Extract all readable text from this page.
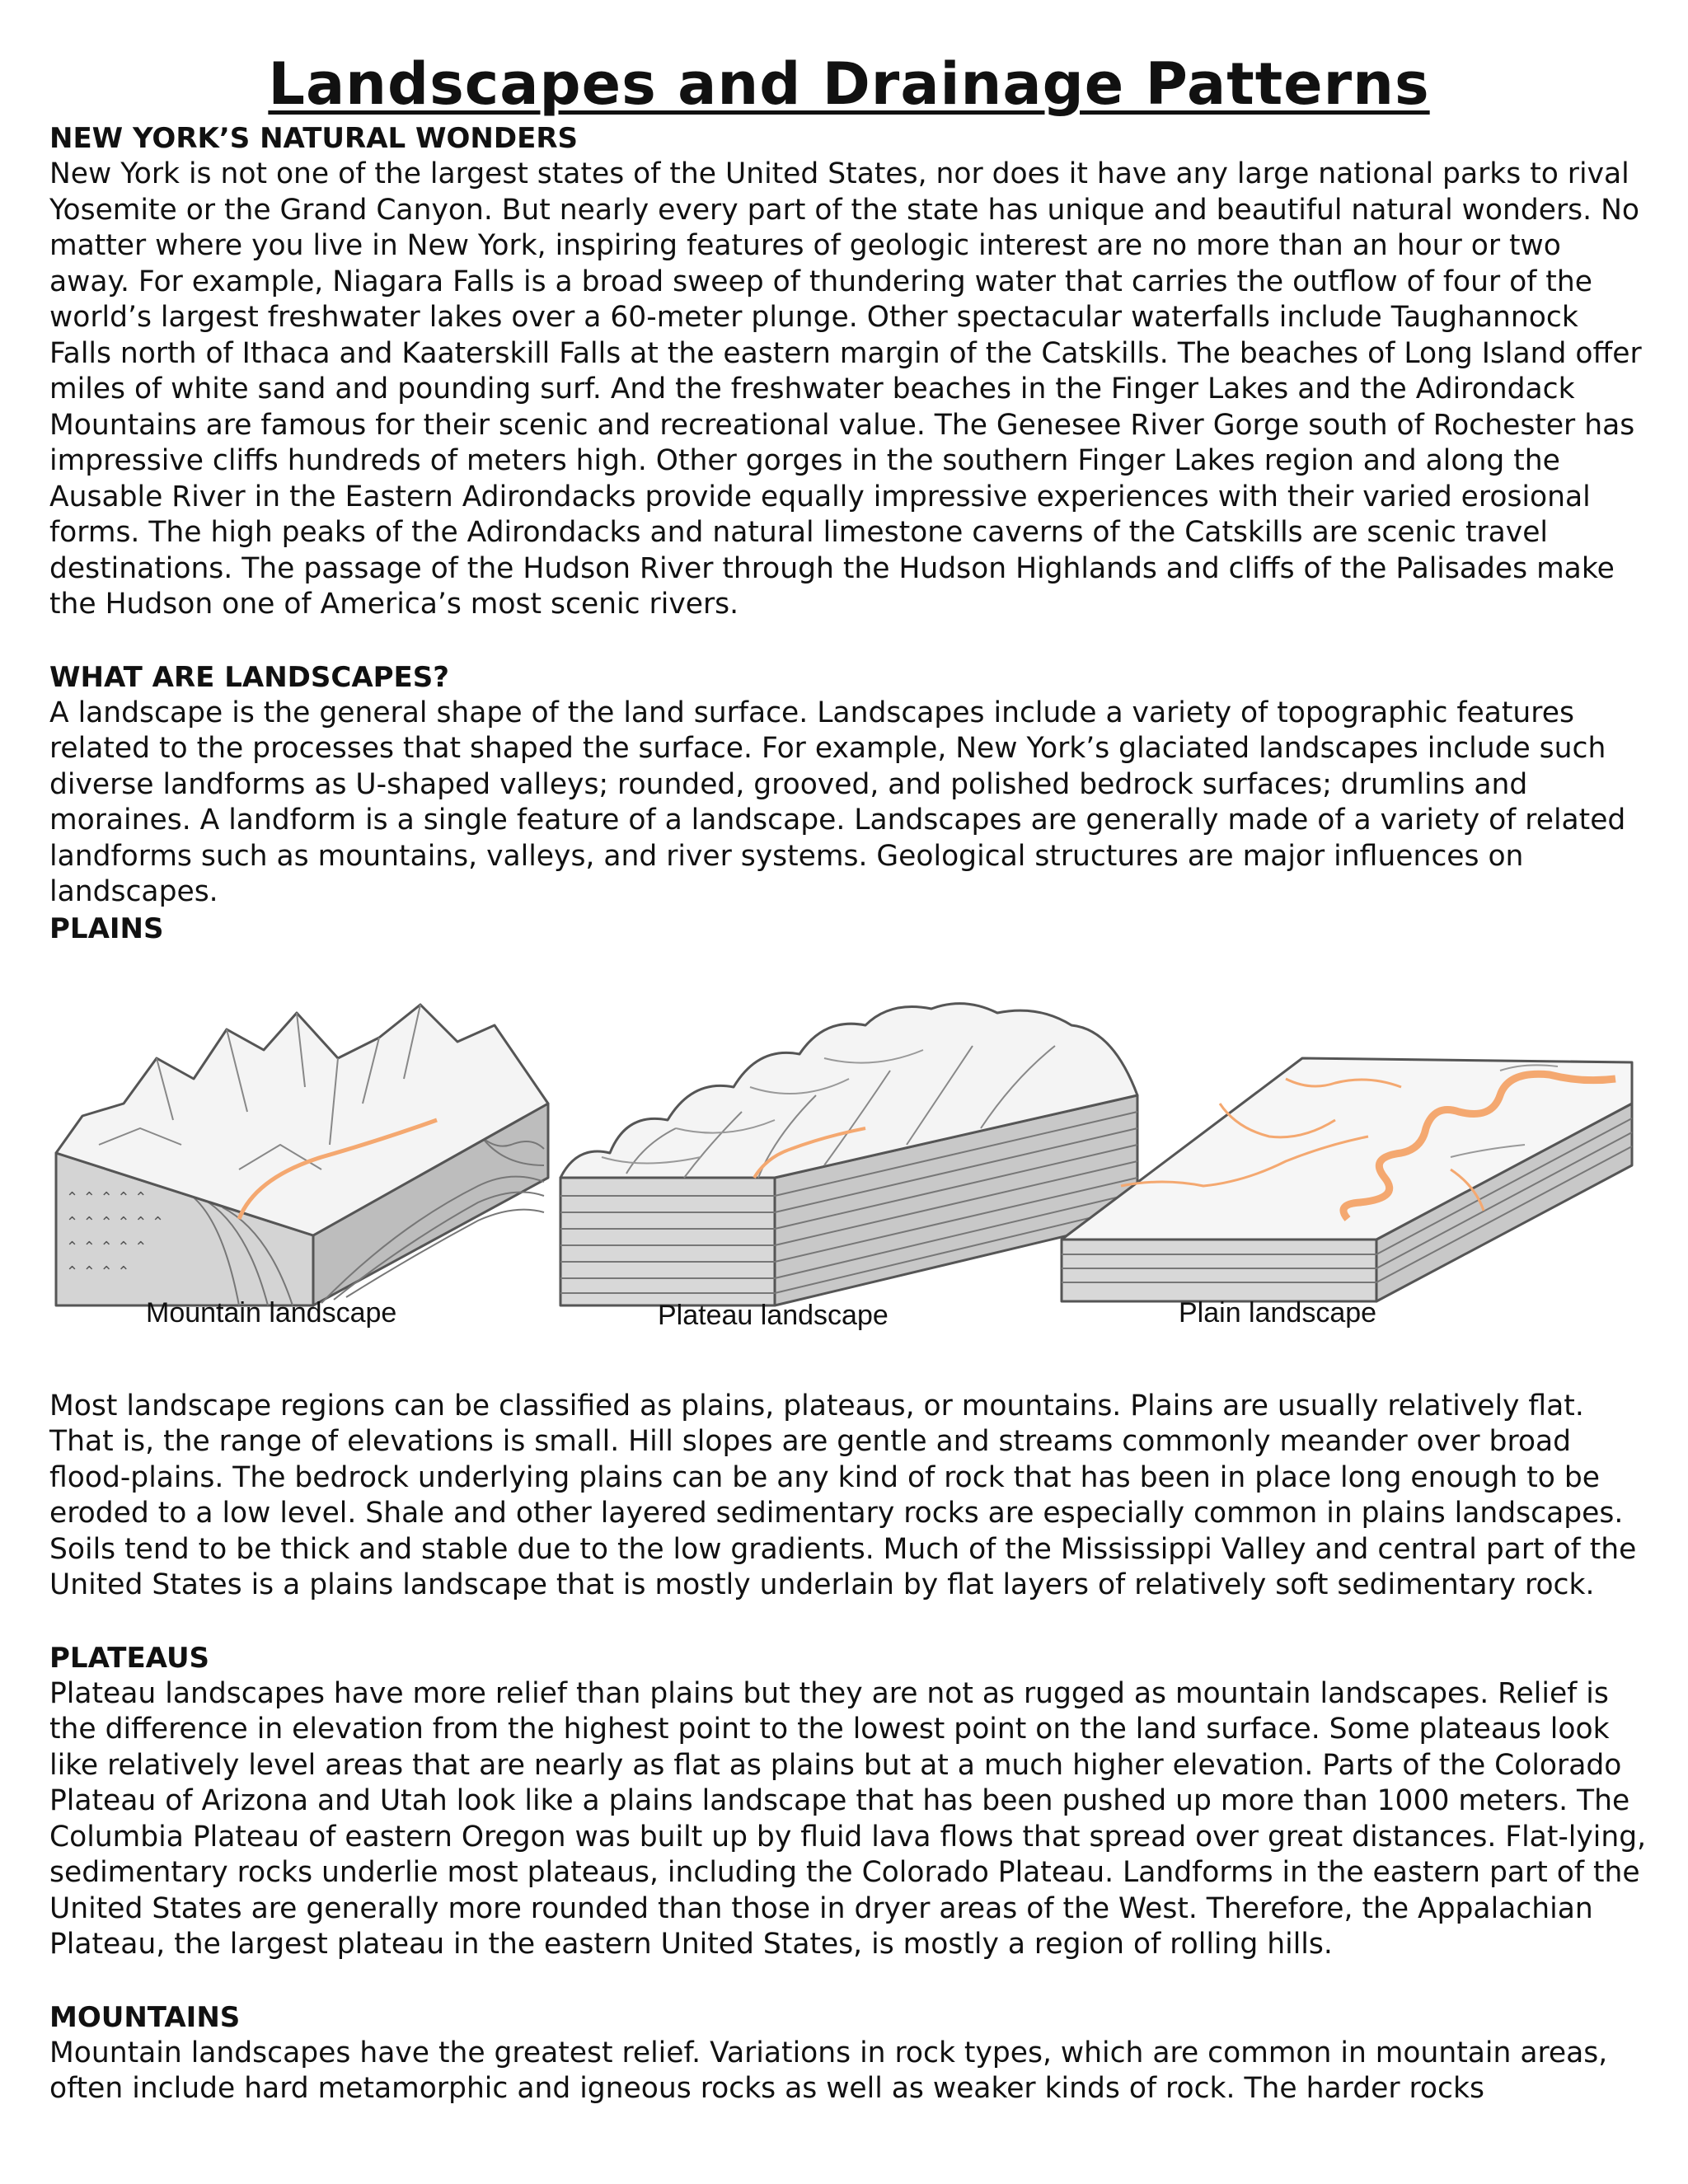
Landscapes and Drainage Patterns

NEW YORK’S NATURAL WONDERS

New York is not one of the largest states of the United States, nor does it have any large national parks to rival Yosemite or the Grand Canyon. But nearly every part of the state has unique and beautiful natural wonders. No matter where you live in New York, inspiring features of geologic interest are no more than an hour or two away. For example, Niagara Falls is a broad sweep of thundering water that carries the outflow of four of the world’s largest freshwater lakes over a 60-meter plunge. Other spectacular waterfalls include Taughannock Falls north of Ithaca and Kaaterskill Falls at the eastern margin of the Catskills. The beaches of Long Island offer miles of white sand and pounding surf. And the freshwater beaches in the Finger Lakes and the Adirondack Mountains are famous for their scenic and recreational value. The Genesee River Gorge south of Rochester has impressive cliffs hundreds of meters high. Other gorges in the southern Finger Lakes region and along the Ausable River in the Eastern Adirondacks provide equally impressive experiences with their varied erosional forms. The high peaks of the Adirondacks and natural limestone caverns of the Catskills are scenic travel destinations. The passage of the Hudson River through the Hudson Highlands and cliffs of the Palisades make the Hudson one of America’s most scenic rivers.

WHAT ARE LANDSCAPES?

A landscape is the general shape of the land surface. Landscapes include a variety of topographic features related to the processes that shaped the surface. For example, New York’s glaciated landscapes include such diverse landforms as U-shaped valleys; rounded, grooved, and polished bedrock surfaces; drumlins and moraines. A landform is a single feature of a landscape. Landscapes are generally made of a variety of related landforms such as mountains, valleys, and river systems. Geological structures are major influences on landscapes.

PLAINS

⌃ ⌃ ⌃ ⌃ ⌃
⌃ ⌃ ⌃ ⌃ ⌃ ⌃
⌃ ⌃ ⌃ ⌃ ⌃
⌃ ⌃ ⌃ ⌃
Mountain landscape	Plateau landscape	Plain landscape

Most landscape regions can be classified as plains, plateaus, or mountains. Plains are usually relatively flat. That is, the range of elevations is small. Hill slopes are gentle and streams commonly meander over broad flood-plains. The bedrock underlying plains can be any kind of rock that has been in place long enough to be eroded to a low level. Shale and other layered sedimentary rocks are especially common in plains landscapes. Soils tend to be thick and stable due to the low gradients. Much of the Mississippi Valley and central part of the United States is a plains landscape that is mostly underlain by flat layers of relatively soft sedimentary rock.

PLATEAUS

Plateau landscapes have more relief than plains but they are not as rugged as mountain landscapes. Relief is the difference in elevation from the highest point to the lowest point on the land surface. Some plateaus look like relatively level areas that are nearly as flat as plains but at a much higher elevation. Parts of the Colorado Plateau of Arizona and Utah look like a plains landscape that has been pushed up more than 1000 meters. The Columbia Plateau of eastern Oregon was built up by fluid lava flows that spread over great distances. Flat-lying, sedimentary rocks underlie most plateaus, including the Colorado Plateau. Landforms in the eastern part of the United States are generally more rounded than those in dryer areas of the West. Therefore, the Appalachian Plateau, the largest plateau in the eastern United States, is mostly a region of rolling hills.

MOUNTAINS

Mountain landscapes have the greatest relief. Variations in rock types, which are common in mountain areas, often include hard metamorphic and igneous rocks as well as weaker kinds of rock. The harder rocks
